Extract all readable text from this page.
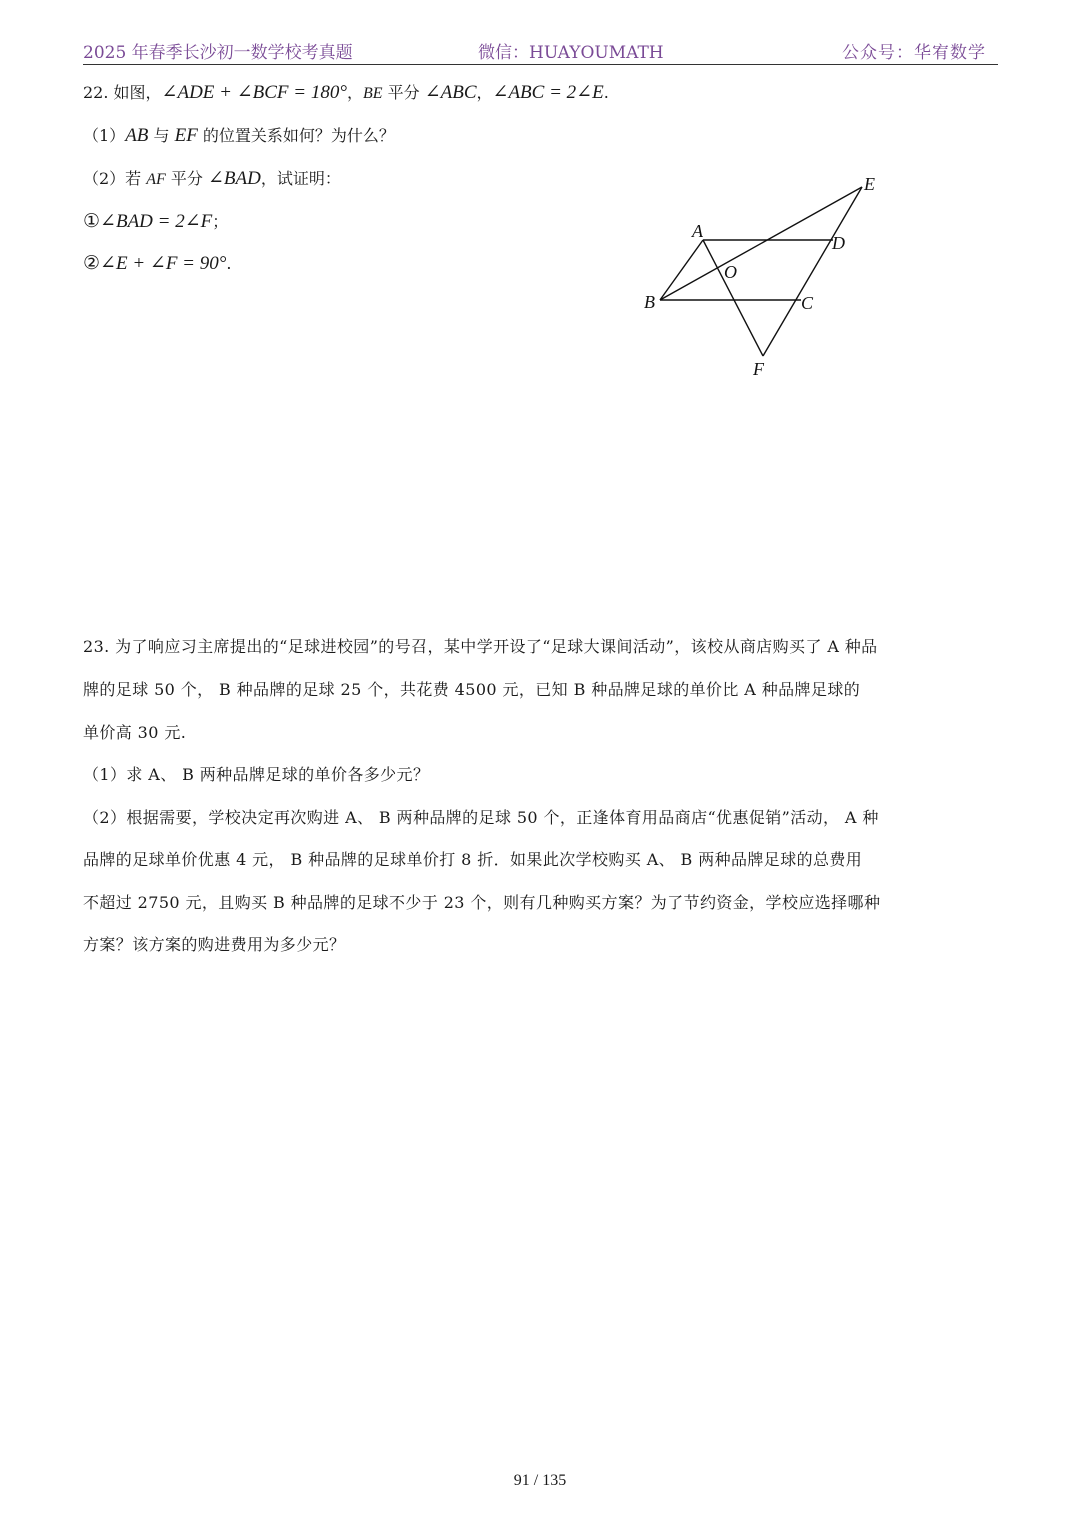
2025 年春季长沙初一数学校考真题	微信：HUAYOUMATH	公众号：华宥数学
22. 如图，∠ADE + ∠BCF = 180°，BE 平分 ∠ABC，∠ABC = 2∠E.
（1）AB 与 EF 的位置关系如何？为什么？
（2）若 AF 平分 ∠BAD，试证明：
①∠BAD = 2∠F；
②∠E + ∠F = 90°.
E
A
D
O
B	C
F
23. 为了响应习主席提出的“足球进校园”的号召，某中学开设了“足球大课间活动”，该校从商店购买了 A 种品
牌的足球 50 个， B 种品牌的足球 25 个，共花费 4500 元，已知 B 种品牌足球的单价比 A 种品牌足球的
单价高 30 元.
（1）求 A、 B 两种品牌足球的单价各多少元？
（2）根据需要，学校决定再次购进 A、 B 两种品牌的足球 50 个，正逢体育用品商店“优惠促销”活动， A 种
品牌的足球单价优惠 4 元， B 种品牌的足球单价打 8 折．如果此次学校购买 A、 B 两种品牌足球的总费用
不超过 2750 元，且购买 B 种品牌的足球不少于 23 个，则有几种购买方案？为了节约资金，学校应选择哪种
方案？该方案的购进费用为多少元？
91 / 135
